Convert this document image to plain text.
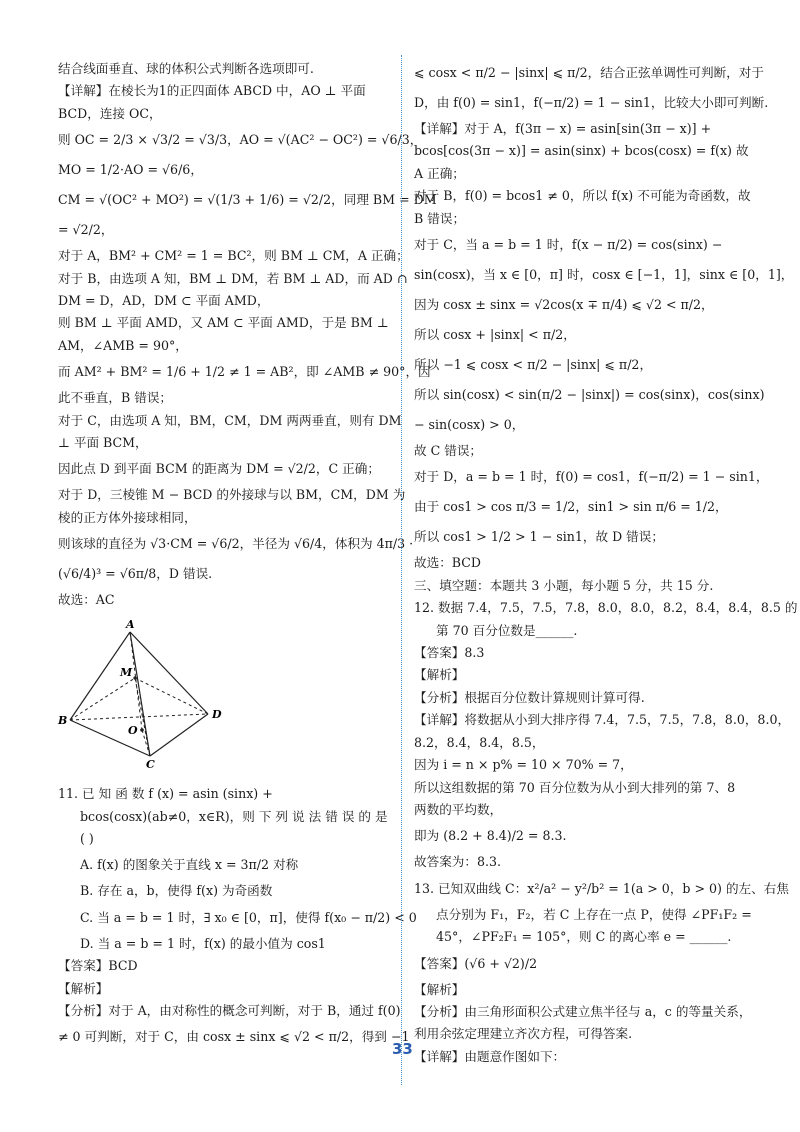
结合线面垂直、球的体积公式判断各选项即可.
【详解】在棱长为1的正四面体 ABCD 中，AO ⊥ 平面
BCD，连接 OC，
则 OC = 2/3 × √3/2 = √3/3，AO = √(AC² − OC²) = √6/3，
MO = 1/2·AO = √6/6，
CM = √(OC² + MO²) = √(1/3 + 1/6) = √2/2，同理 BM = DM
= √2/2，
对于 A，BM² + CM² = 1 = BC²，则 BM ⊥ CM，A 正确；
对于 B，由选项 A 知，BM ⊥ DM，若 BM ⊥ AD，而 AD ∩
DM = D，AD，DM ⊂ 平面 AMD，
则 BM ⊥ 平面 AMD，又 AM ⊂ 平面 AMD，于是 BM ⊥
AM，∠AMB = 90°，
而 AM² + BM² = 1/6 + 1/2 ≠ 1 = AB²，即 ∠AMB ≠ 90°，因
此不垂直，B 错误；
对于 C，由选项 A 知，BM，CM，DM 两两垂直，则有 DM
⊥ 平面 BCM，
因此点 D 到平面 BCM 的距离为 DM = √2/2，C 正确；
对于 D，三棱锥 M − BCD 的外接球与以 BM，CM，DM 为
棱的正方体外接球相同，
则该球的直径为 √3·CM = √6/2，半径为 √6/4，体积为 4π/3 ·
(√6/4)³ = √6π/8，D 错误.
故选：AC
A
B
C
D
M
O
11. 已 知 函 数 f (x) = asin (sinx) +
bcos(cosx)(ab≠0，x∈R)，则 下 列 说 法 错 误 的 是
( )
A. f(x) 的图象关于直线 x = 3π/2 对称
B. 存在 a，b，使得 f(x) 为奇函数
C. 当 a = b = 1 时，∃ x₀ ∈ [0，π]，使得 f(x₀ − π/2) < 0
D. 当 a = b = 1 时，f(x) 的最小值为 cos1
【答案】BCD
【解析】
【分析】对于 A，由对称性的概念可判断，对于 B，通过 f(0)
≠ 0 可判断，对于 C，由 cosx ± sinx ⩽ √2 < π/2，得到 −1
⩽ cosx < π/2 − |sinx| ⩽ π/2，结合正弦单调性可判断，对于
D，由 f(0) = sin1，f(−π/2) = 1 − sin1，比较大小即可判断.
【详解】对于 A，f(3π − x) = asin[sin(3π − x)] +
bcos[cos(3π − x)] = asin(sinx) + bcos(cosx) = f(x) 故
A 正确；
对于 B，f(0) = bcos1 ≠ 0，所以 f(x) 不可能为奇函数，故
B 错误；
对于 C，当 a = b = 1 时，f(x − π/2) = cos(sinx) −
sin(cosx)，当 x ∈ [0，π] 时，cosx ∈ [−1，1]，sinx ∈ [0，1]，
因为 cosx ± sinx = √2cos(x ∓ π/4) ⩽ √2 < π/2，
所以 cosx + |sinx| < π/2，
所以 −1 ⩽ cosx < π/2 − |sinx| ⩽ π/2，
所以 sin(cosx) < sin(π/2 − |sinx|) = cos(sinx)，cos(sinx)
− sin(cosx) > 0，
故 C 错误；
对于 D，a = b = 1 时，f(0) = cos1，f(−π/2) = 1 − sin1，
由于 cos1 > cos π/3 = 1/2，sin1 > sin π/6 = 1/2，
所以 cos1 > 1/2 > 1 − sin1，故 D 错误；
故选：BCD
三、填空题：本题共 3 小题，每小题 5 分，共 15 分.
12. 数据 7.4，7.5，7.5，7.8，8.0，8.0，8.2，8.4，8.4，8.5 的
第 70 百分位数是______.
【答案】8.3
【解析】
【分析】根据百分位数计算规则计算可得.
【详解】将数据从小到大排序得 7.4，7.5，7.5，7.8，8.0，8.0，
8.2，8.4，8.4，8.5，
因为 i = n × p% = 10 × 70% = 7，
所以这组数据的第 70 百分位数为从小到大排列的第 7、8
两数的平均数，
即为 (8.2 + 8.4)/2 = 8.3.
故答案为：8.3.
13. 已知双曲线 C：x²/a² − y²/b² = 1(a > 0，b > 0) 的左、右焦
点分别为 F₁，F₂，若 C 上存在一点 P，使得 ∠PF₁F₂ =
45°，∠PF₂F₁ = 105°，则 C 的离心率 e = ______.
【答案】(√6 + √2)/2
【解析】
【分析】由三角形面积公式建立焦半径与 a，c 的等量关系，
利用余弦定理建立齐次方程，可得答案.
【详解】由题意作图如下：
33
